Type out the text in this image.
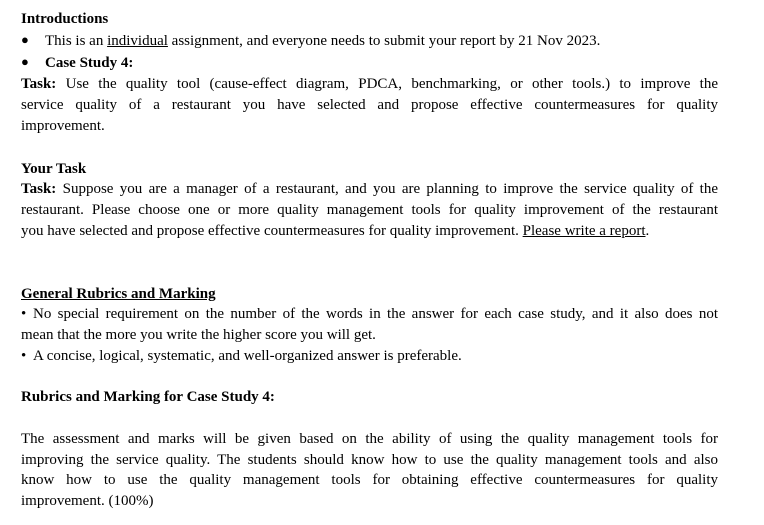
Introductions
● This is an individual assignment, and everyone needs to submit your report by 21 Nov 2023.
● Case Study 4:
Task: Use the quality tool (cause-effect diagram, PDCA, benchmarking, or other tools.) to improve the
service quality of a restaurant you have selected and propose effective countermeasures for quality
improvement.
Your Task
Task: Suppose you are a manager of a restaurant, and you are planning to improve the service quality of the
restaurant. Please choose one or more quality management tools for quality improvement of the restaurant
you have selected and propose effective countermeasures for quality improvement. Please write a report.
General Rubrics and Marking
• No special requirement on the number of the words in the answer for each case study, and it also does not
mean that the more you write the higher score you will get.
• A concise, logical, systematic, and well-organized answer is preferable.
Rubrics and Marking for Case Study 4:
The assessment and marks will be given based on the ability of using the quality management tools for
improving the service quality. The students should know how to use the quality management tools and also
know how to use the quality management tools for obtaining effective countermeasures for quality
improvement. (100%)
